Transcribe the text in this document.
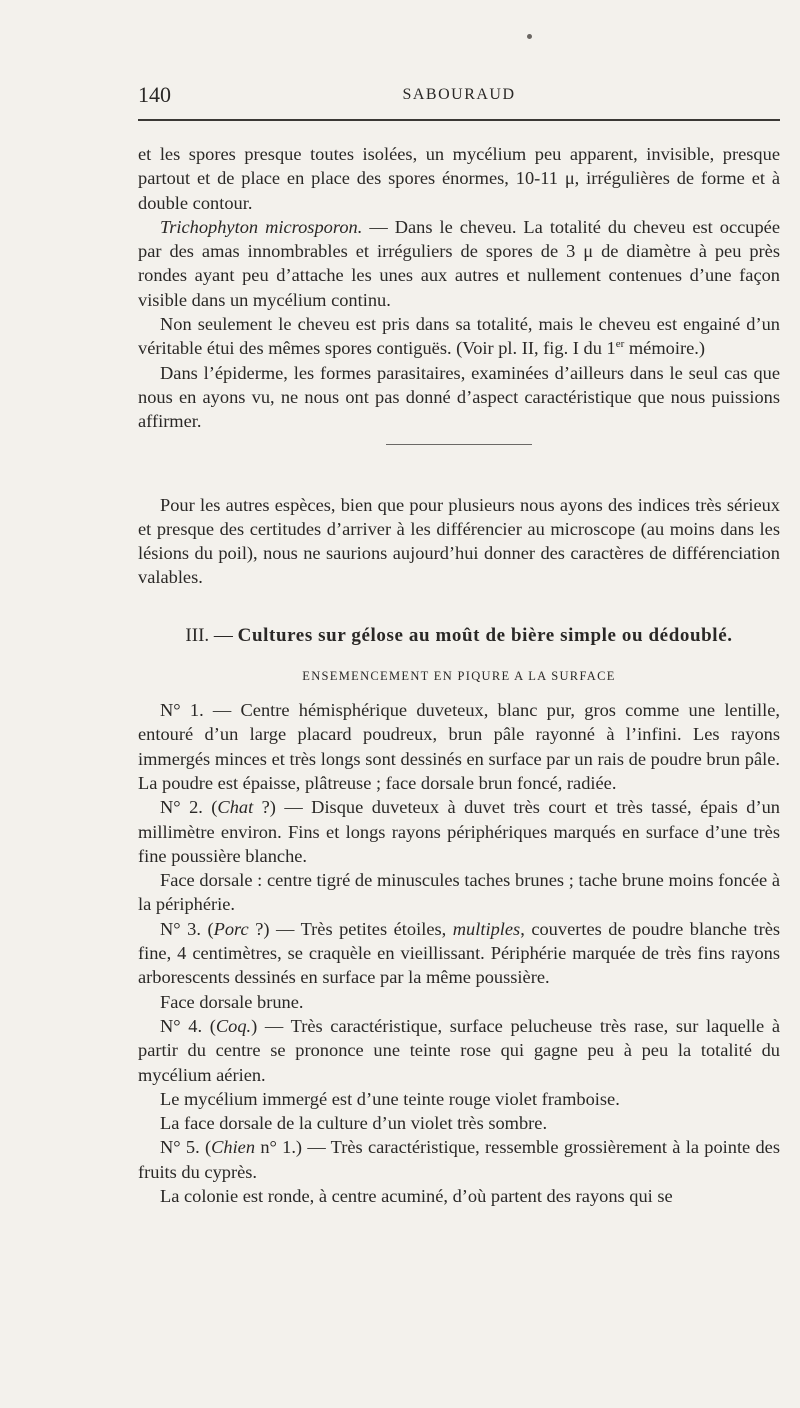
140	SABOURAUD

et les spores presque toutes isolées, un mycélium peu apparent, invisible, presque partout et de place en place des spores énormes, 10-11 μ, irrégulières de forme et à double contour.

Trichophyton microsporon. — Dans le cheveu. La totalité du cheveu est occupée par des amas innombrables et irréguliers de spores de 3 μ de diamètre à peu près rondes ayant peu d’attache les unes aux autres et nullement contenues d’une façon visible dans un mycélium continu.

Non seulement le cheveu est pris dans sa totalité, mais le cheveu est engainé d’un véritable étui des mêmes spores contiguës. (Voir pl. II, fig. I du 1er mémoire.)

Dans l’épiderme, les formes parasitaires, examinées d’ailleurs dans le seul cas que nous en ayons vu, ne nous ont pas donné d’aspect caractéristique que nous puissions affirmer.

Pour les autres espèces, bien que pour plusieurs nous ayons des indices très sérieux et presque des certitudes d’arriver à les différencier au microscope (au moins dans les lésions du poil), nous ne saurions aujourd’hui donner des caractères de différenciation valables.

III. — Cultures sur gélose au moût de bière simple ou dédoublé.
ENSEMENCEMENT EN PIQURE A LA SURFACE

N° 1. — Centre hémisphérique duveteux, blanc pur, gros comme une lentille, entouré d’un large placard poudreux, brun pâle rayonné à l’infini. Les rayons immergés minces et très longs sont dessinés en surface par un rais de poudre brun pâle. La poudre est épaisse, plâtreuse ; face dorsale brun foncé, radiée.

N° 2. (Chat ?) — Disque duveteux à duvet très court et très tassé, épais d’un millimètre environ. Fins et longs rayons périphériques marqués en surface d’une très fine poussière blanche.

Face dorsale : centre tigré de minuscules taches brunes ; tache brune moins foncée à la périphérie.

N° 3. (Porc ?) — Très petites étoiles, multiples, couvertes de poudre blanche très fine, 4 centimètres, se craquèle en vieillissant. Périphérie marquée de très fins rayons arborescents dessinés en surface par la même poussière.

Face dorsale brune.

N° 4. (Coq.) — Très caractéristique, surface pelucheuse très rase, sur laquelle à partir du centre se prononce une teinte rose qui gagne peu à peu la totalité du mycélium aérien.

Le mycélium immergé est d’une teinte rouge violet framboise.

La face dorsale de la culture d’un violet très sombre.

N° 5. (Chien n° 1.) — Très caractéristique, ressemble grossièrement à la pointe des fruits du cyprès.

La colonie est ronde, à centre acuminé, d’où partent des rayons qui se
